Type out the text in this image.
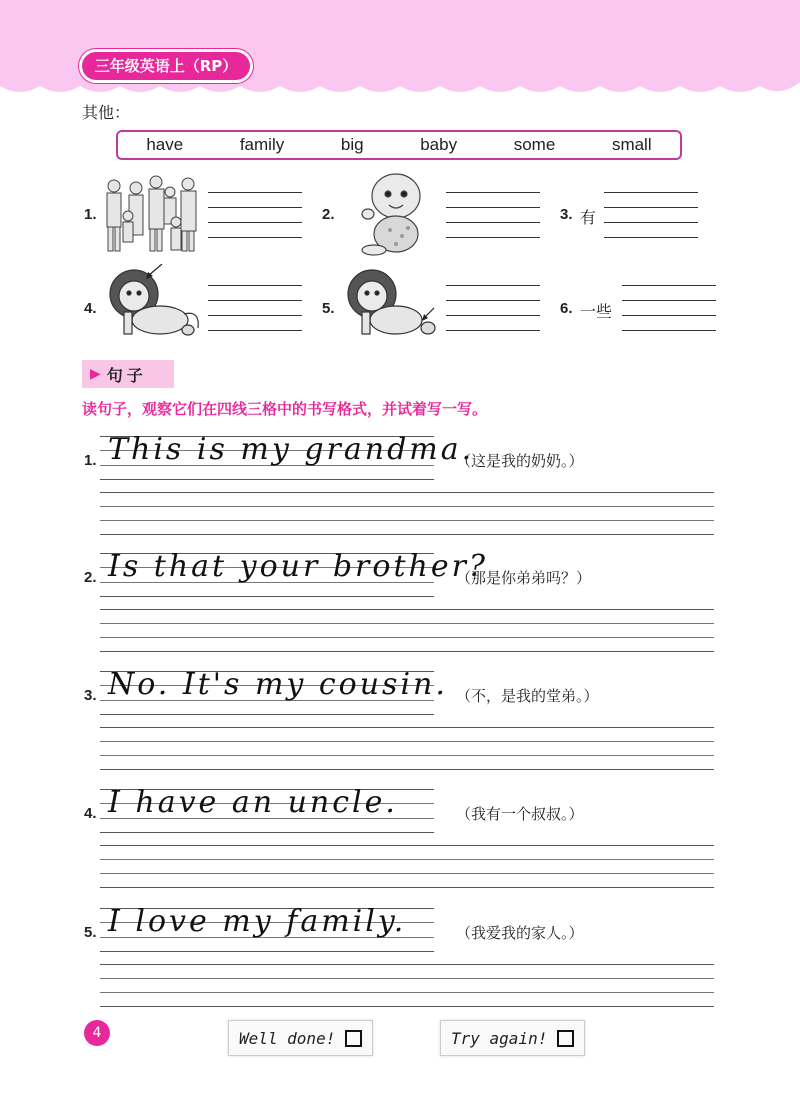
三年级英语上（RP）
其他：
have	family	big	baby	some	small
1.	2.	3. 有
4.	5.	6. 一些
▶ 句子
读句子，观察它们在四线三格中的书写格式，并试着写一写。
1. This is my grandma.
（这是我的奶奶。）
2. Is that your brother?
（那是你弟弟吗？）
3. No. It's my cousin. （不，是我的堂弟。）
4. I have an uncle.	（我有一个叔叔。）
5. I love my family.	（我爱我的家人。）
4	Well done!	Try again!
